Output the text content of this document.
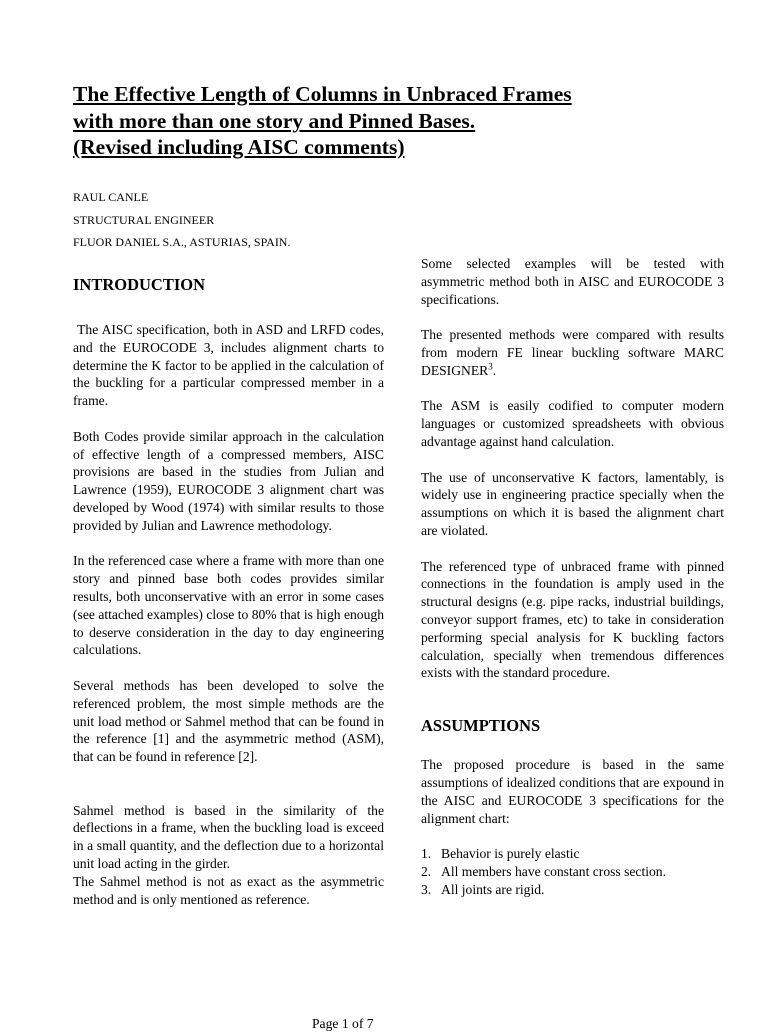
The Effective Length of Columns in Unbraced Frames
with more than one story and Pinned Bases.
(Revised including AISC comments)
RAUL CANLE
STRUCTURAL ENGINEER
FLUOR DANIEL S.A., ASTURIAS, SPAIN.
INTRODUCTION

The AISC specification, both in ASD and LRFD codes, and the EUROCODE 3, includes alignment charts to determine the K factor to be applied in the calculation of the buckling for a particular compressed member in a frame.

Both Codes provide similar approach in the calculation of effective length of a compressed members, AISC provisions are based in the studies from Julian and Lawrence (1959), EUROCODE 3 alignment chart was developed by Wood (1974) with similar results to those provided by Julian and Lawrence methodology.

In the referenced case where a frame with more than one story and pinned base both codes provides similar results, both unconservative with an error in some cases (see attached examples) close to 80% that is high enough to deserve consideration in the day to day engineering calculations.

Several methods has been developed to solve the referenced problem, the most simple methods are the unit load method or Sahmel method that can be found in the reference [1] and the asymmetric method (ASM), that can be found in reference [2].

Sahmel method is based in the similarity of the deflections in a frame, when the buckling load is exceed in a small quantity, and the deflection due to a horizontal unit load acting in the girder.

The Sahmel method is not as exact as the asymmetric method and is only mentioned as reference.

Some selected examples will be tested with asymmetric method both in AISC and EUROCODE 3 specifications.

The presented methods were compared with results from modern FE linear buckling software MARC DESIGNER$^3$.

The ASM is easily codified to computer modern languages or customized spreadsheets with obvious advantage against hand calculation.

The use of unconservative K factors, lamentably, is widely use in engineering practice specially when the assumptions on which it is based the alignment chart are violated.

The referenced type of unbraced frame with pinned connections in the foundation is amply used in the structural designs (e.g. pipe racks, industrial buildings, conveyor support frames, etc) to take in consideration performing special analysis for K buckling factors calculation, specially when tremendous differences exists with the standard procedure.

ASSUMPTIONS

The proposed procedure is based in the same assumptions of idealized conditions that are expound in the AISC and EUROCODE 3 specifications for the alignment chart:

1. Behavior is purely elastic
2. All members have constant cross section.
3. All joints are rigid.
Page 1 of 7
